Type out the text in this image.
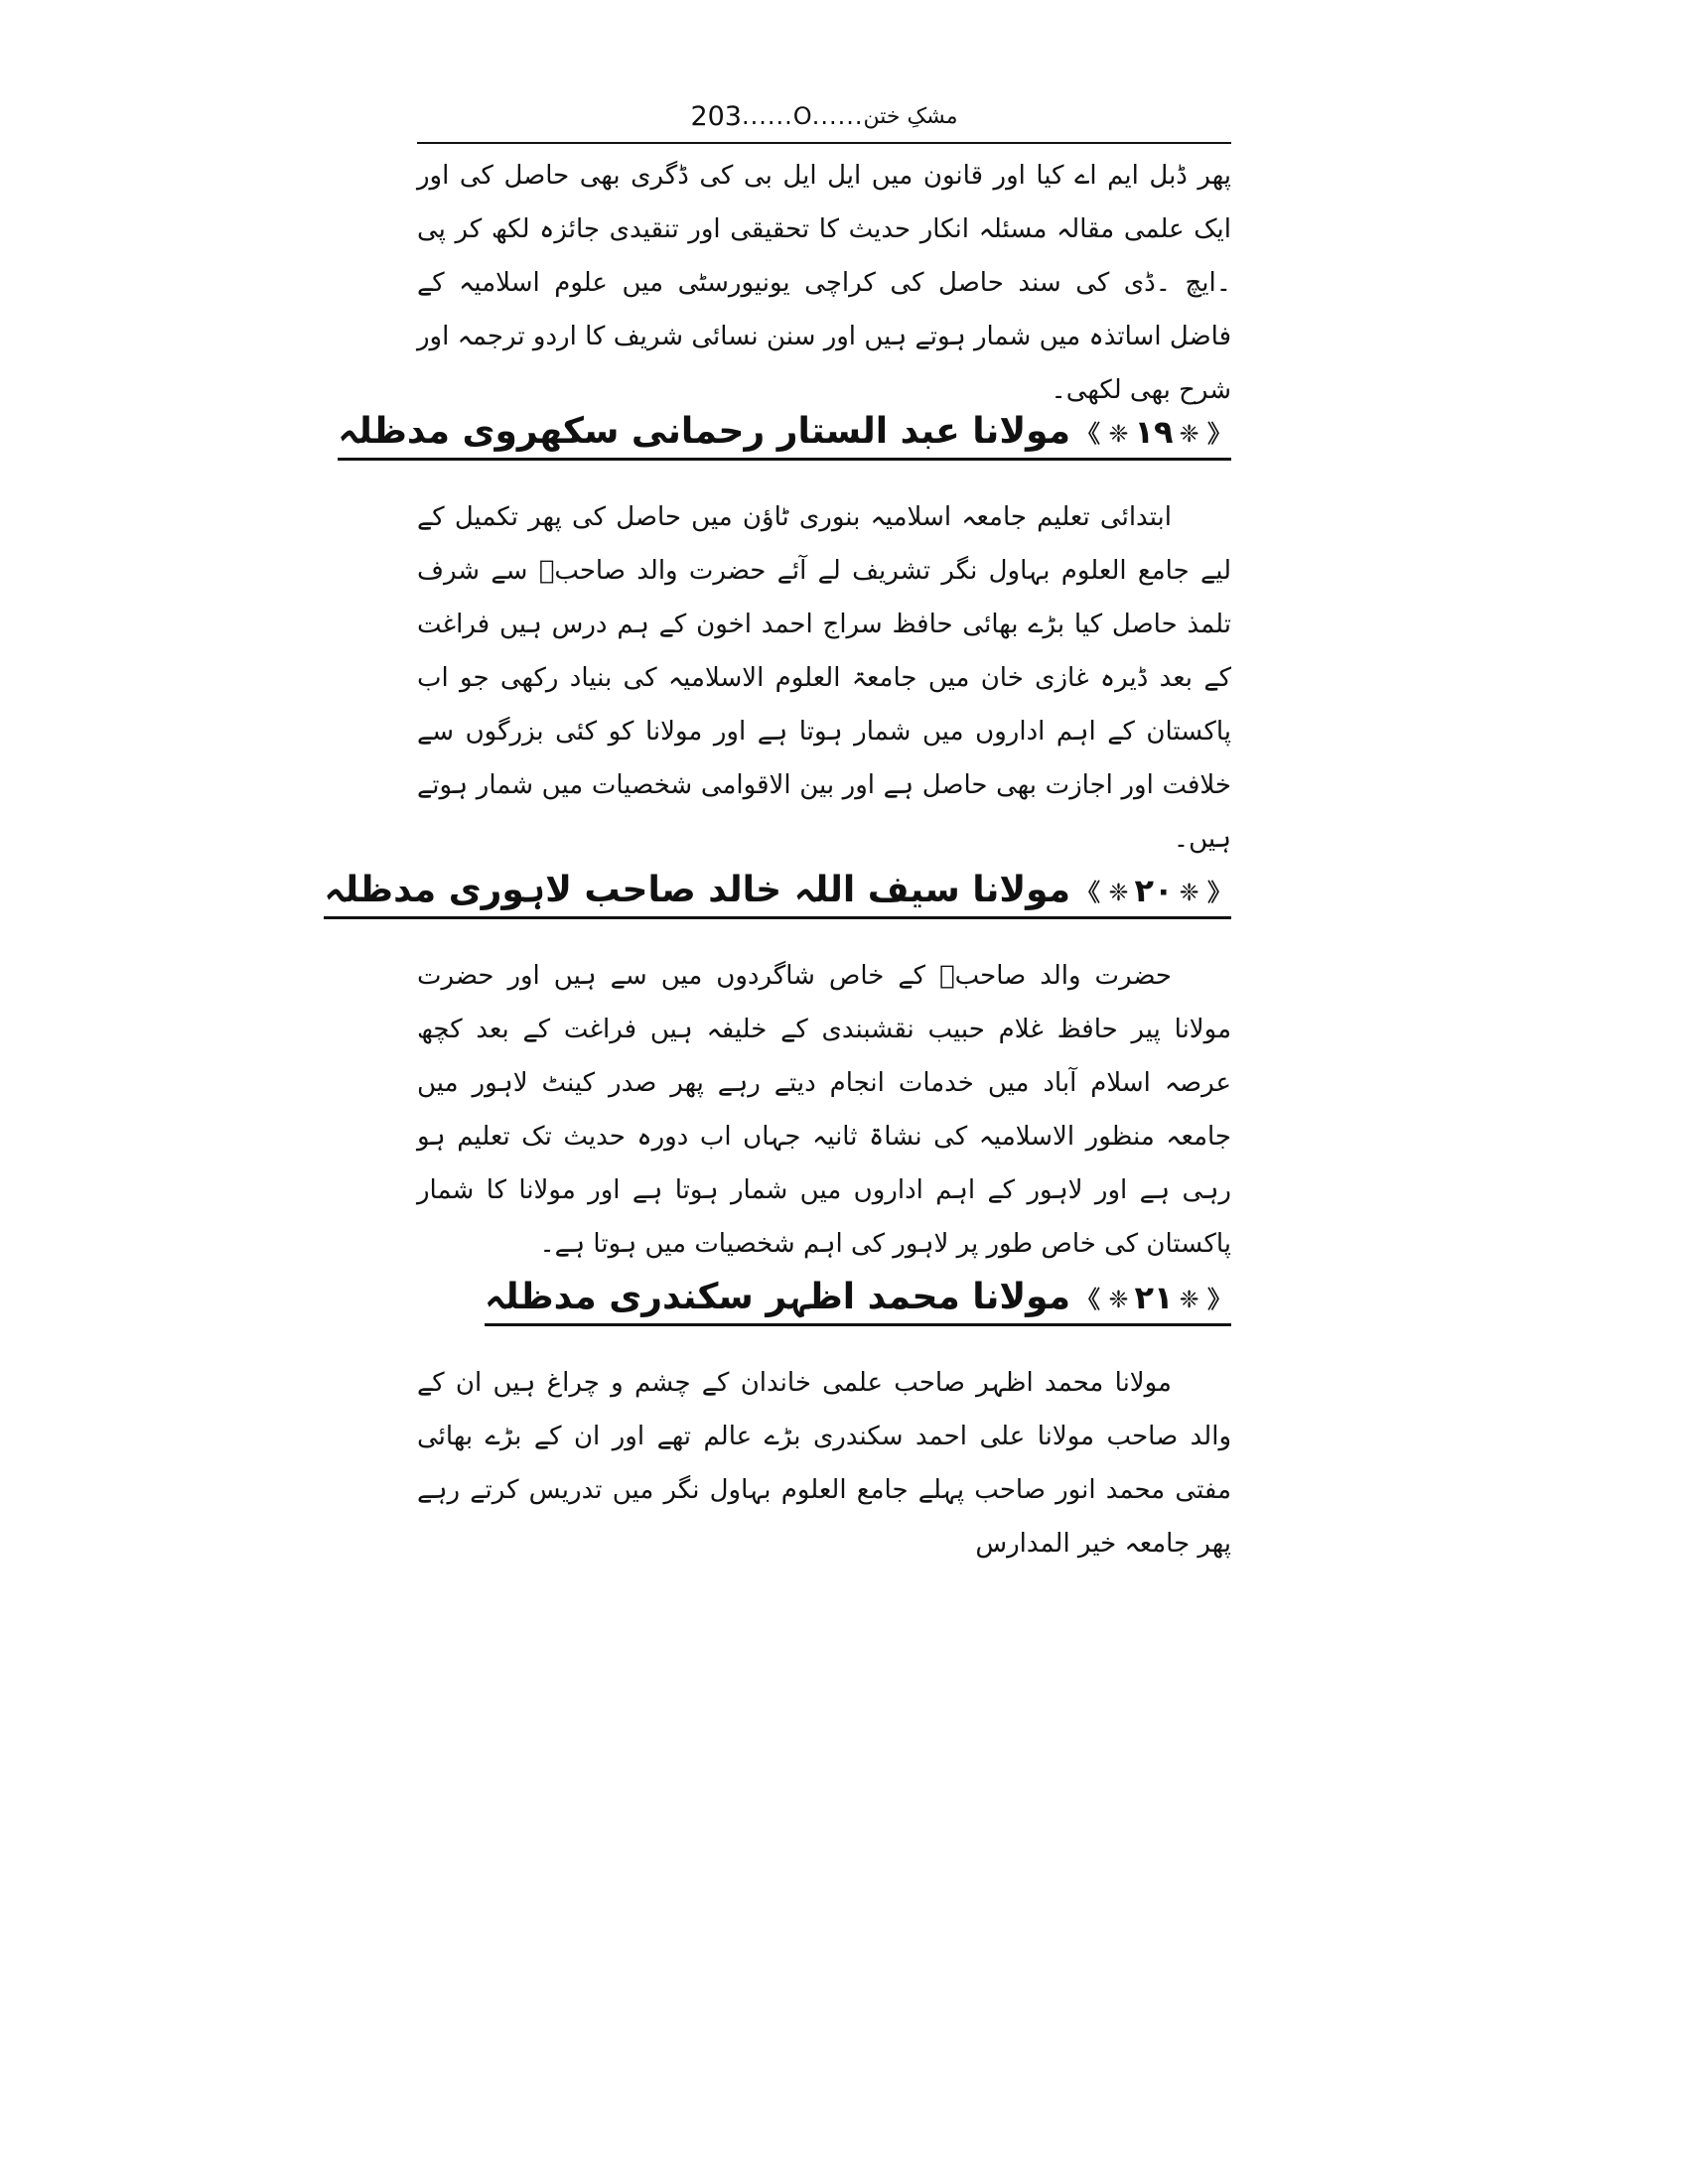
مشکِ ختن
......O......
203

پھر ڈبل ایم اے کیا اور قانون میں ایل ایل بی کی ڈگری بھی حاصل کی اور ایک علمی مقالہ مسئلہ انکار حدیث کا تحقیقی اور تنقیدی جائزہ لکھ کر پی ۔ایچ ۔ڈی کی سند حاصل کی کراچی یونیورسٹی میں علوم اسلامیہ کے فاضل اساتذہ میں شمار ہوتے ہیں اور سنن نسائی شریف کا اردو ترجمہ اور شرح بھی لکھی۔

《 ❈
۱۹
❈ 》
مولانا عبد الستار رحمانی سکھروی مدظلہ

ابتدائی تعلیم جامعہ اسلامیہ بنوری ٹاؤن میں حاصل کی پھر تکمیل کے لیے جامع العلوم بہاول نگر تشریف لے آئے حضرت والد صاحبؒ سے شرف تلمذ حاصل کیا بڑے بھائی حافظ سراج احمد اخون کے ہم درس ہیں فراغت کے بعد ڈیرہ غازی خان میں جامعۃ العلوم الاسلامیہ کی بنیاد رکھی جو اب پاکستان کے اہم اداروں میں شمار ہوتا ہے اور مولانا کو کئی بزرگوں سے خلافت اور اجازت بھی حاصل ہے اور بین الاقوامی شخصیات میں شمار ہوتے ہیں۔

《 ❈
۲۰
❈ 》
مولانا سیف اللہ خالد صاحب لاہوری مدظلہ

حضرت والد صاحبؒ کے خاص شاگردوں میں سے ہیں اور حضرت مولانا پیر حافظ غلام حبیب نقشبندی کے خلیفہ ہیں فراغت کے بعد کچھ عرصہ اسلام آباد میں خدمات انجام دیتے رہے پھر صدر کینٹ لاہور میں جامعہ منظور الاسلامیہ کی نشاۃ ثانیہ جہاں اب دورہ حدیث تک تعلیم ہو رہی ہے اور لاہور کے اہم اداروں میں شمار ہوتا ہے اور مولانا کا شمار پاکستان کی خاص طور پر لاہور کی اہم شخصیات میں ہوتا ہے۔

《 ❈
۲۱
❈ 》
مولانا محمد اظہر سکندری مدظلہ

مولانا محمد اظہر صاحب علمی خاندان کے چشم و چراغ ہیں ان کے والد صاحب مولانا علی احمد سکندری بڑے عالم تھے اور ان کے بڑے بھائی مفتی محمد انور صاحب پہلے جامع العلوم بہاول نگر میں تدریس کرتے رہے پھر جامعہ خیر المدارس
